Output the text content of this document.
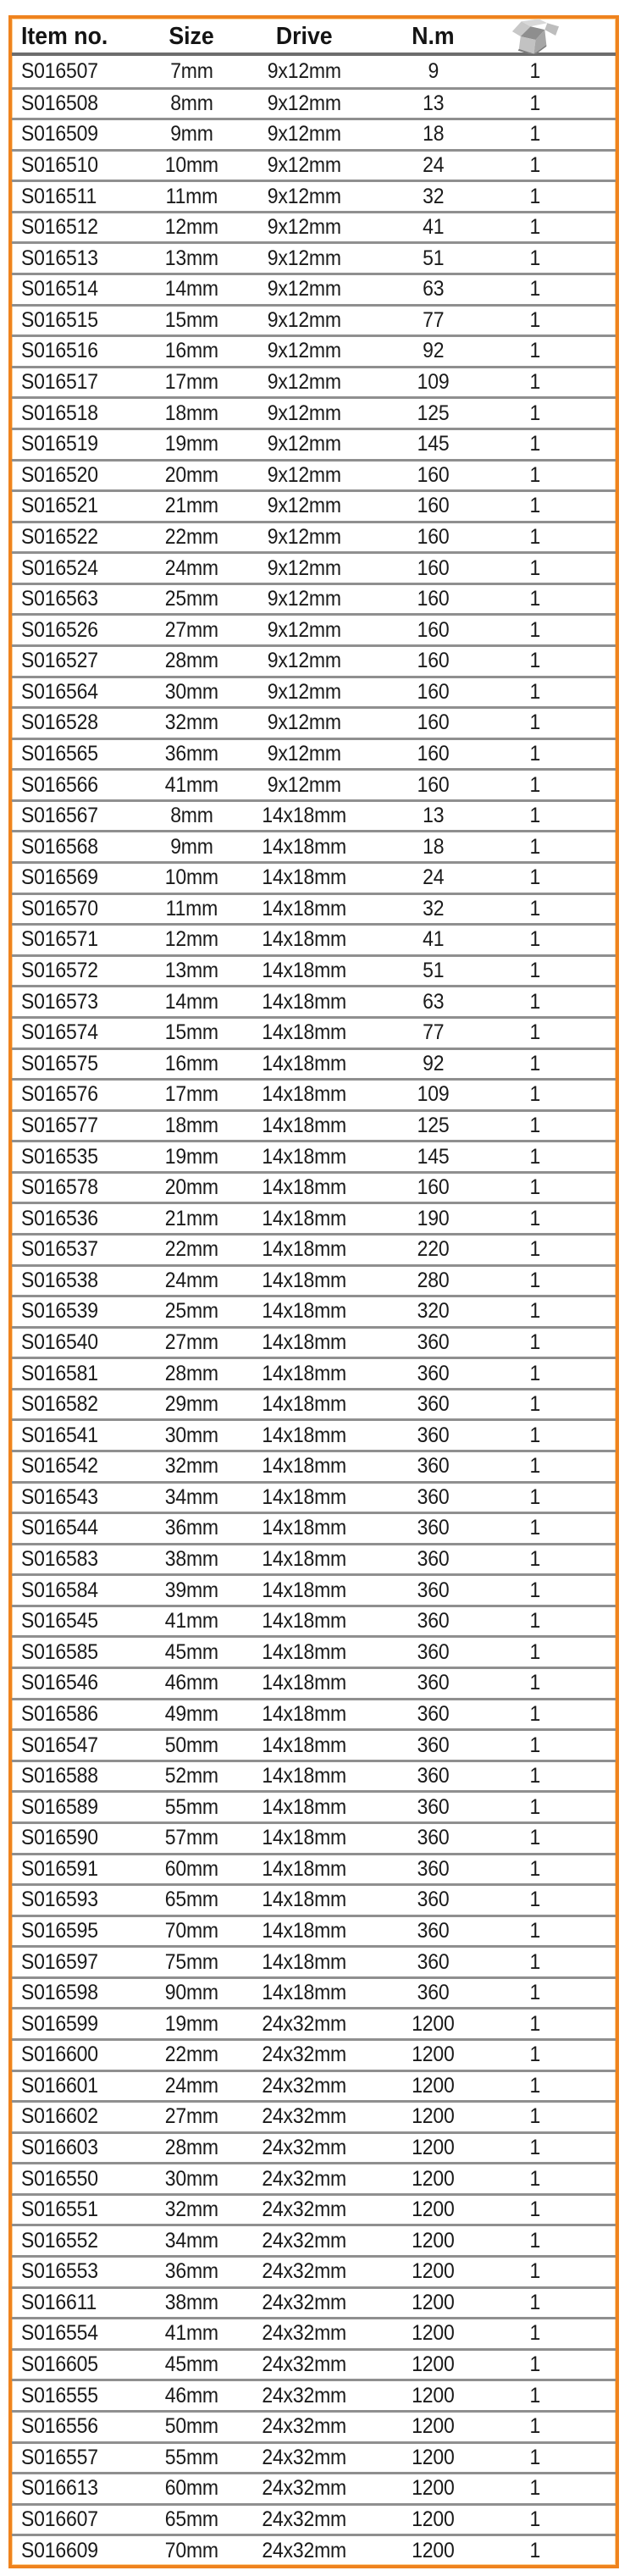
Item no.	Size Drive	N.m
S016507	7mm	9x12mm	9	1
S016508	8mm	9x12mm	13	1
S016509	9mm	9x12mm	18	1
S016510	10mm 9x12mm	24	1
S016511	11mm 9x12mm	32	1
S016512	12mm 9x12mm	41	1
S016513	13mm 9x12mm	51	1
S016514	14mm 9x12mm	63	1
S016515	15mm 9x12mm	77	1
S016516	16mm 9x12mm	92	1
S016517	17mm 9x12mm	109	1
S016518	18mm 9x12mm	125	1
S016519	19mm 9x12mm	145	1
S016520	20mm 9x12mm	160	1
S016521	21mm 9x12mm	160	1
S016522	22mm 9x12mm	160	1
S016524	24mm 9x12mm	160	1
S016563	25mm 9x12mm	160	1
S016526	27mm 9x12mm	160	1
S016527	28mm 9x12mm	160	1
S016564	30mm 9x12mm	160	1
S016528	32mm 9x12mm	160	1
S016565	36mm 9x12mm	160	1
S016566	41mm 9x12mm	160	1
S016567	8mm 14x18mm	13	1
S016568	9mm 14x18mm	18	1
S016569	10mm 14x18mm	24	1
S016570	11mm 14x18mm	32	1
S016571	12mm 14x18mm	41	1
S016572	13mm 14x18mm	51	1
S016573	14mm 14x18mm	63	1
S016574	15mm 14x18mm	77	1
S016575	16mm 14x18mm	92	1
S016576	17mm 14x18mm	109	1
S016577	18mm 14x18mm	125	1
S016535	19mm 14x18mm	145	1
S016578	20mm 14x18mm	160	1
S016536	21mm 14x18mm	190	1
S016537	22mm 14x18mm	220	1
S016538	24mm 14x18mm	280	1
S016539	25mm 14x18mm	320	1
S016540	27mm 14x18mm	360	1
S016581	28mm 14x18mm	360	1
S016582	29mm 14x18mm	360	1
S016541	30mm 14x18mm	360	1
S016542	32mm 14x18mm	360	1
S016543	34mm 14x18mm	360	1
S016544	36mm 14x18mm	360	1
S016583	38mm 14x18mm	360	1
S016584	39mm 14x18mm	360	1
S016545	41mm 14x18mm	360	1
S016585	45mm 14x18mm	360	1
S016546	46mm 14x18mm	360	1
S016586	49mm 14x18mm	360	1
S016547	50mm 14x18mm	360	1
S016588	52mm 14x18mm	360	1
S016589	55mm 14x18mm	360	1
S016590	57mm 14x18mm	360	1
S016591	60mm 14x18mm	360	1
S016593	65mm 14x18mm	360	1
S016595	70mm 14x18mm	360	1
S016597	75mm 14x18mm	360	1
S016598	90mm 14x18mm	360	1
S016599	19mm 24x32mm	1200	1
S016600	22mm 24x32mm	1200	1
S016601	24mm 24x32mm	1200	1
S016602	27mm 24x32mm	1200	1
S016603	28mm 24x32mm	1200	1
S016550	30mm 24x32mm	1200	1
S016551	32mm 24x32mm	1200	1
S016552	34mm 24x32mm	1200	1
S016553	36mm 24x32mm	1200	1
S016611	38mm 24x32mm	1200	1
S016554	41mm 24x32mm	1200	1
S016605	45mm 24x32mm	1200	1
S016555	46mm 24x32mm	1200	1
S016556	50mm 24x32mm	1200	1
S016557	55mm 24x32mm	1200	1
S016613	60mm 24x32mm	1200	1
S016607	65mm 24x32mm	1200	1
S016609	70mm 24x32mm	1200	1
